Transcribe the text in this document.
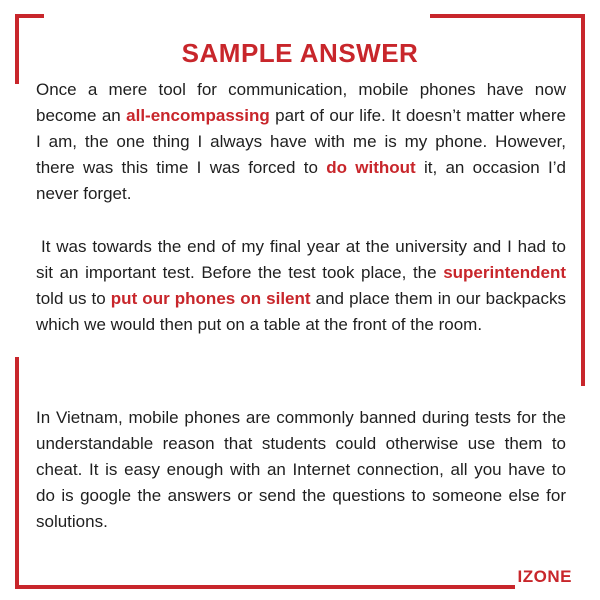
SAMPLE ANSWER

Once a mere tool for communication, mobile phones have now become an all-encompassing part of our life. It doesn’t matter where I am, the one thing I always have with me is my phone. However, there was this time I was forced to do without it, an occasion I’d never forget.

It was towards the end of my final year at the university and I had to sit an important test. Before the test took place, the superintendent told us to put our phones on silent and place them in our backpacks which we would then put on a table at the front of the room.

In Vietnam, mobile phones are commonly banned during tests for the understandable reason that students could otherwise use them to cheat. It is easy enough with an Internet connection, all you have to do is google the answers or send the questions to someone else for solutions.

IZONE
